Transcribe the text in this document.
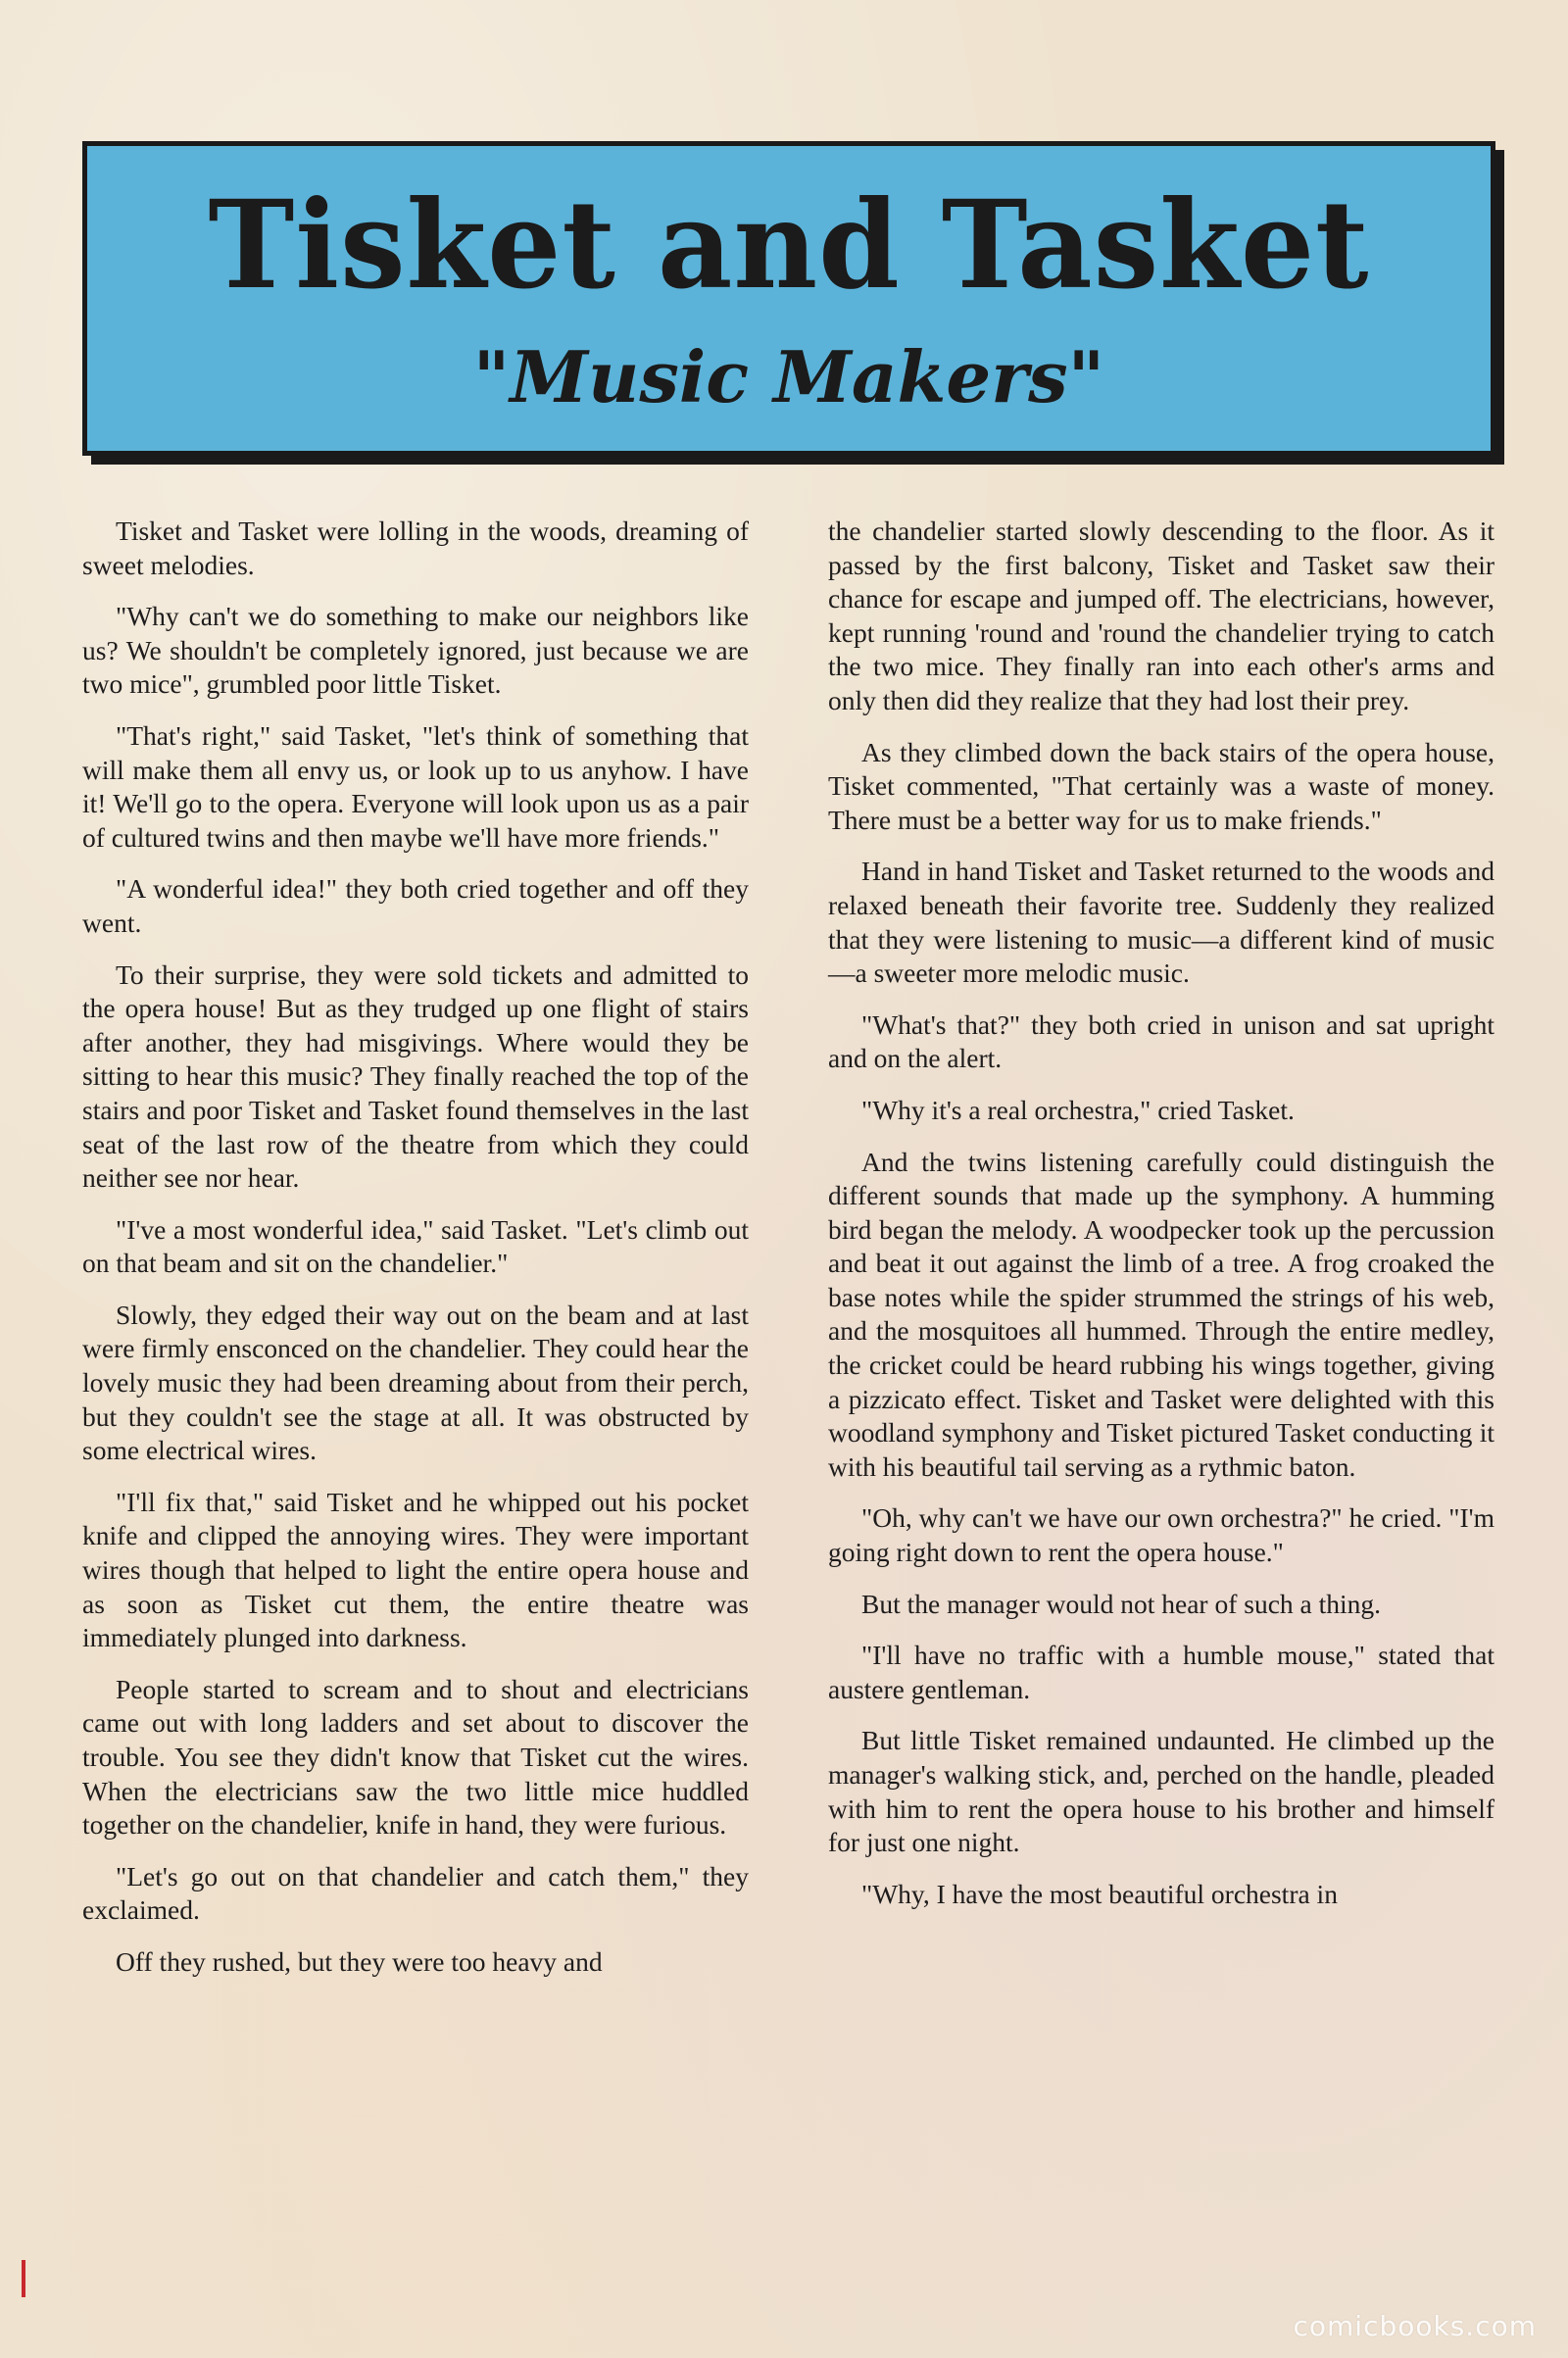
Tisket and Tasket
"Music Makers"

Tisket and Tasket were lolling in the woods, dreaming of sweet melodies.

"Why can't we do something to make our neighbors like us? We shouldn't be completely ignored, just because we are two mice", grumbled poor little Tisket.

"That's right," said Tasket, "let's think of something that will make them all envy us, or look up to us anyhow. I have it! We'll go to the opera. Everyone will look upon us as a pair of cultured twins and then maybe we'll have more friends."

"A wonderful idea!" they both cried together and off they went.

To their surprise, they were sold tickets and admitted to the opera house! But as they trudged up one flight of stairs after another, they had misgivings. Where would they be sitting to hear this music? They finally reached the top of the stairs and poor Tisket and Tasket found themselves in the last seat of the last row of the theatre from which they could neither see nor hear.

"I've a most wonderful idea," said Tasket. "Let's climb out on that beam and sit on the chandelier."

Slowly, they edged their way out on the beam and at last were firmly ensconced on the chandelier. They could hear the lovely music they had been dreaming about from their perch, but they couldn't see the stage at all. It was obstructed by some electrical wires.

"I'll fix that," said Tisket and he whipped out his pocket knife and clipped the annoying wires. They were important wires though that helped to light the entire opera house and as soon as Tisket cut them, the entire theatre was immediately plunged into darkness.

People started to scream and to shout and electricians came out with long ladders and set about to discover the trouble. You see they didn't know that Tisket cut the wires. When the electricians saw the two little mice huddled together on the chandelier, knife in hand, they were furious.

"Let's go out on that chandelier and catch them," they exclaimed.

Off they rushed, but they were too heavy and

the chandelier started slowly descending to the floor. As it passed by the first balcony, Tisket and Tasket saw their chance for escape and jumped off. The electricians, however, kept running 'round and 'round the chandelier trying to catch the two mice. They finally ran into each other's arms and only then did they realize that they had lost their prey.

As they climbed down the back stairs of the opera house, Tisket commented, "That certainly was a waste of money. There must be a better way for us to make friends."

Hand in hand Tisket and Tasket returned to the woods and relaxed beneath their favorite tree. Suddenly they realized that they were listening to music—a different kind of music—a sweeter more melodic music.

"What's that?" they both cried in unison and sat upright and on the alert.

"Why it's a real orchestra," cried Tasket.

And the twins listening carefully could distinguish the different sounds that made up the symphony. A humming bird began the melody. A woodpecker took up the percussion and beat it out against the limb of a tree. A frog croaked the base notes while the spider strummed the strings of his web, and the mosquitoes all hummed. Through the entire medley, the cricket could be heard rubbing his wings together, giving a pizzicato effect. Tisket and Tasket were delighted with this woodland symphony and Tisket pictured Tasket conducting it with his beautiful tail serving as a rythmic baton.

"Oh, why can't we have our own orchestra?" he cried. "I'm going right down to rent the opera house."

But the manager would not hear of such a thing.

"I'll have no traffic with a humble mouse," stated that austere gentleman.

But little Tisket remained undaunted. He climbed up the manager's walking stick, and, perched on the handle, pleaded with him to rent the opera house to his brother and himself for just one night.

"Why, I have the most beautiful orchestra in

comicbooks.com
